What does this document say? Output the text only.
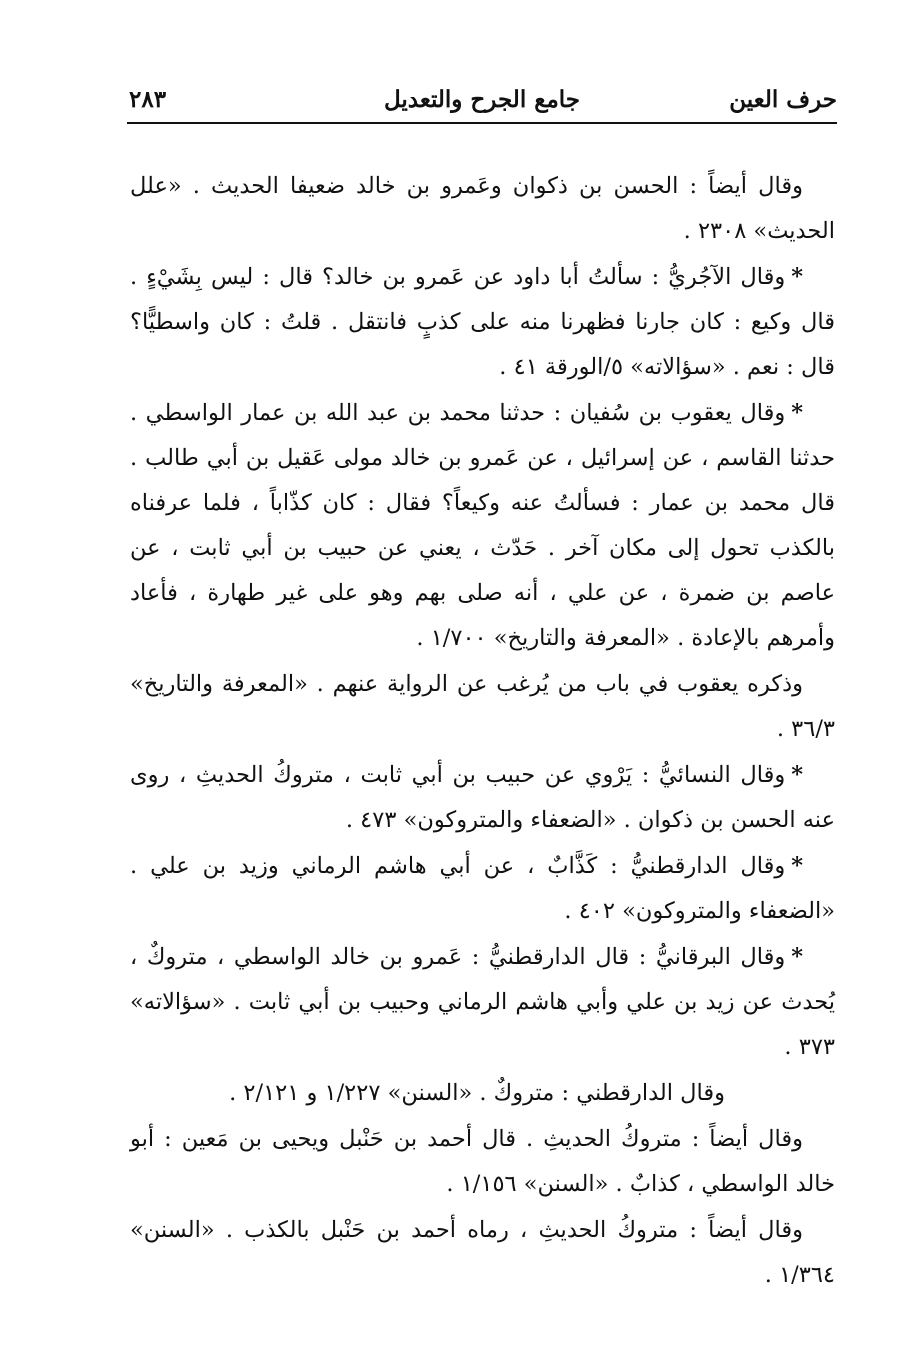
حرف العين
جامع الجرح والتعديل
٢٨٣

وقال أيضاً : الحسن بن ذكوان وعَمرو بن خالد ضعيفا الحديث . «علل الحديث» ٢٣٠٨ .

*وقال الآجُريُّ : سألتُ أبا داود عن عَمرو بن خالد؟ قال : ليس بِشَيْءٍ . قال وكيع : كان جارنا فظهرنا منه على كذبٍ فانتقل . قلتُ : كان واسطيًّا؟ قال : نعم . «سؤالاته» ٥/الورقة ٤١ .

*وقال يعقوب بن سُفيان : حدثنا محمد بن عبد الله بن عمار الواسطي . حدثنا القاسم ، عن إسرائيل ، عن عَمرو بن خالد مولى عَقيل بن أبي طالب . قال محمد بن عمار : فسألتُ عنه وكيعاً؟ فقال : كان كذّاباً ، فلما عرفناه بالكذب تحول إلى مكان آخر . حَدّث ، يعني عن حبيب بن أبي ثابت ، عن عاصم بن ضمرة ، عن علي ، أنه صلى بهم وهو على غير طهارة ، فأعاد وأمرهم بالإعادة . «المعرفة والتاريخ» ١/٧٠٠ .

وذكره يعقوب في باب من يُرغب عن الرواية عنهم . «المعرفة والتاريخ» ٣٦/٣ .

*وقال النسائيُّ : يَرْوي عن حبيب بن أبي ثابت ، متروكُ الحديثِ ، روى عنه الحسن بن ذكوان . «الضعفاء والمتروكون» ٤٧٣ .

*وقال الدارقطنيُّ : كَذَّابٌ ، عن أبي هاشم الرماني وزيد بن علي . «الضعفاء والمتروكون» ٤٠٢ .

*وقال البرقانيُّ : قال الدارقطنيُّ : عَمرو بن خالد الواسطي ، متروكٌ ، يُحدث عن زيد بن علي وأبي هاشم الرماني وحبيب بن أبي ثابت . «سؤالاته» ٣٧٣ .

وقال الدارقطني : متروكٌ . «السنن» ١/٢٢٧ و ٢/١٢١ .

وقال أيضاً : متروكُ الحديثِ . قال أحمد بن حَنْبل ويحيى بن مَعين : أبو خالد الواسطي ، كذابٌ . «السنن» ١/١٥٦ .

وقال أيضاً : متروكُ الحديثِ ، رماه أحمد بن حَنْبل بالكذب . «السنن» ١/٣٦٤ .
